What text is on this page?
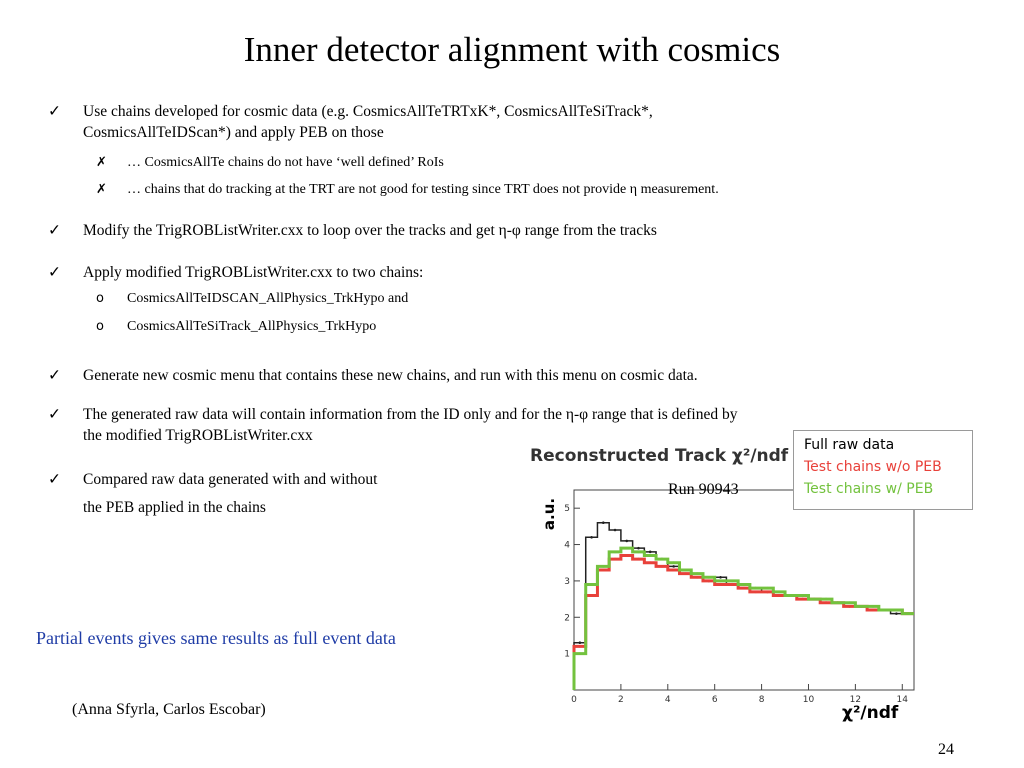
Inner detector alignment with cosmics
✓	Use chains developed for cosmic data (e.g. CosmicsAllTeTRTxK*, CosmicsAllTeSiTrack*,
CosmicsAllTeIDScan*) and apply PEB on those
✗	… CosmicsAllTe chains do not have ‘well defined’ RoIs
✗	… chains that do tracking at the TRT are not good for testing since TRT does not provide η measurement.
✓	Modify the TrigROBListWriter.cxx to loop over the tracks and get η-φ range from the tracks
✓	Apply modified TrigROBListWriter.cxx to two chains:
o	CosmicsAllTeIDSCAN_AllPhysics_TrkHypo and
o	CosmicsAllTeSiTrack_AllPhysics_TrkHypo
✓	Generate new cosmic menu that contains these new chains, and run with this menu on cosmic data.
✓	The generated raw data will contain information from the ID only and for the η-φ range that is defined by
the modified TrigROBListWriter.cxx
✓	Compared raw data generated with and without
the PEB applied in the chains
Partial events gives same results as full event data
(Anna Sfyrla, Carlos Escobar)
24
0	2	4	6	8	10	12	14
1
2
3
4
5
Reconstructed Track χ²/ndf
a.u.
χ²/ndf
Run 90943
Full raw data
Test chains w/o PEB
Test chains w/ PEB
